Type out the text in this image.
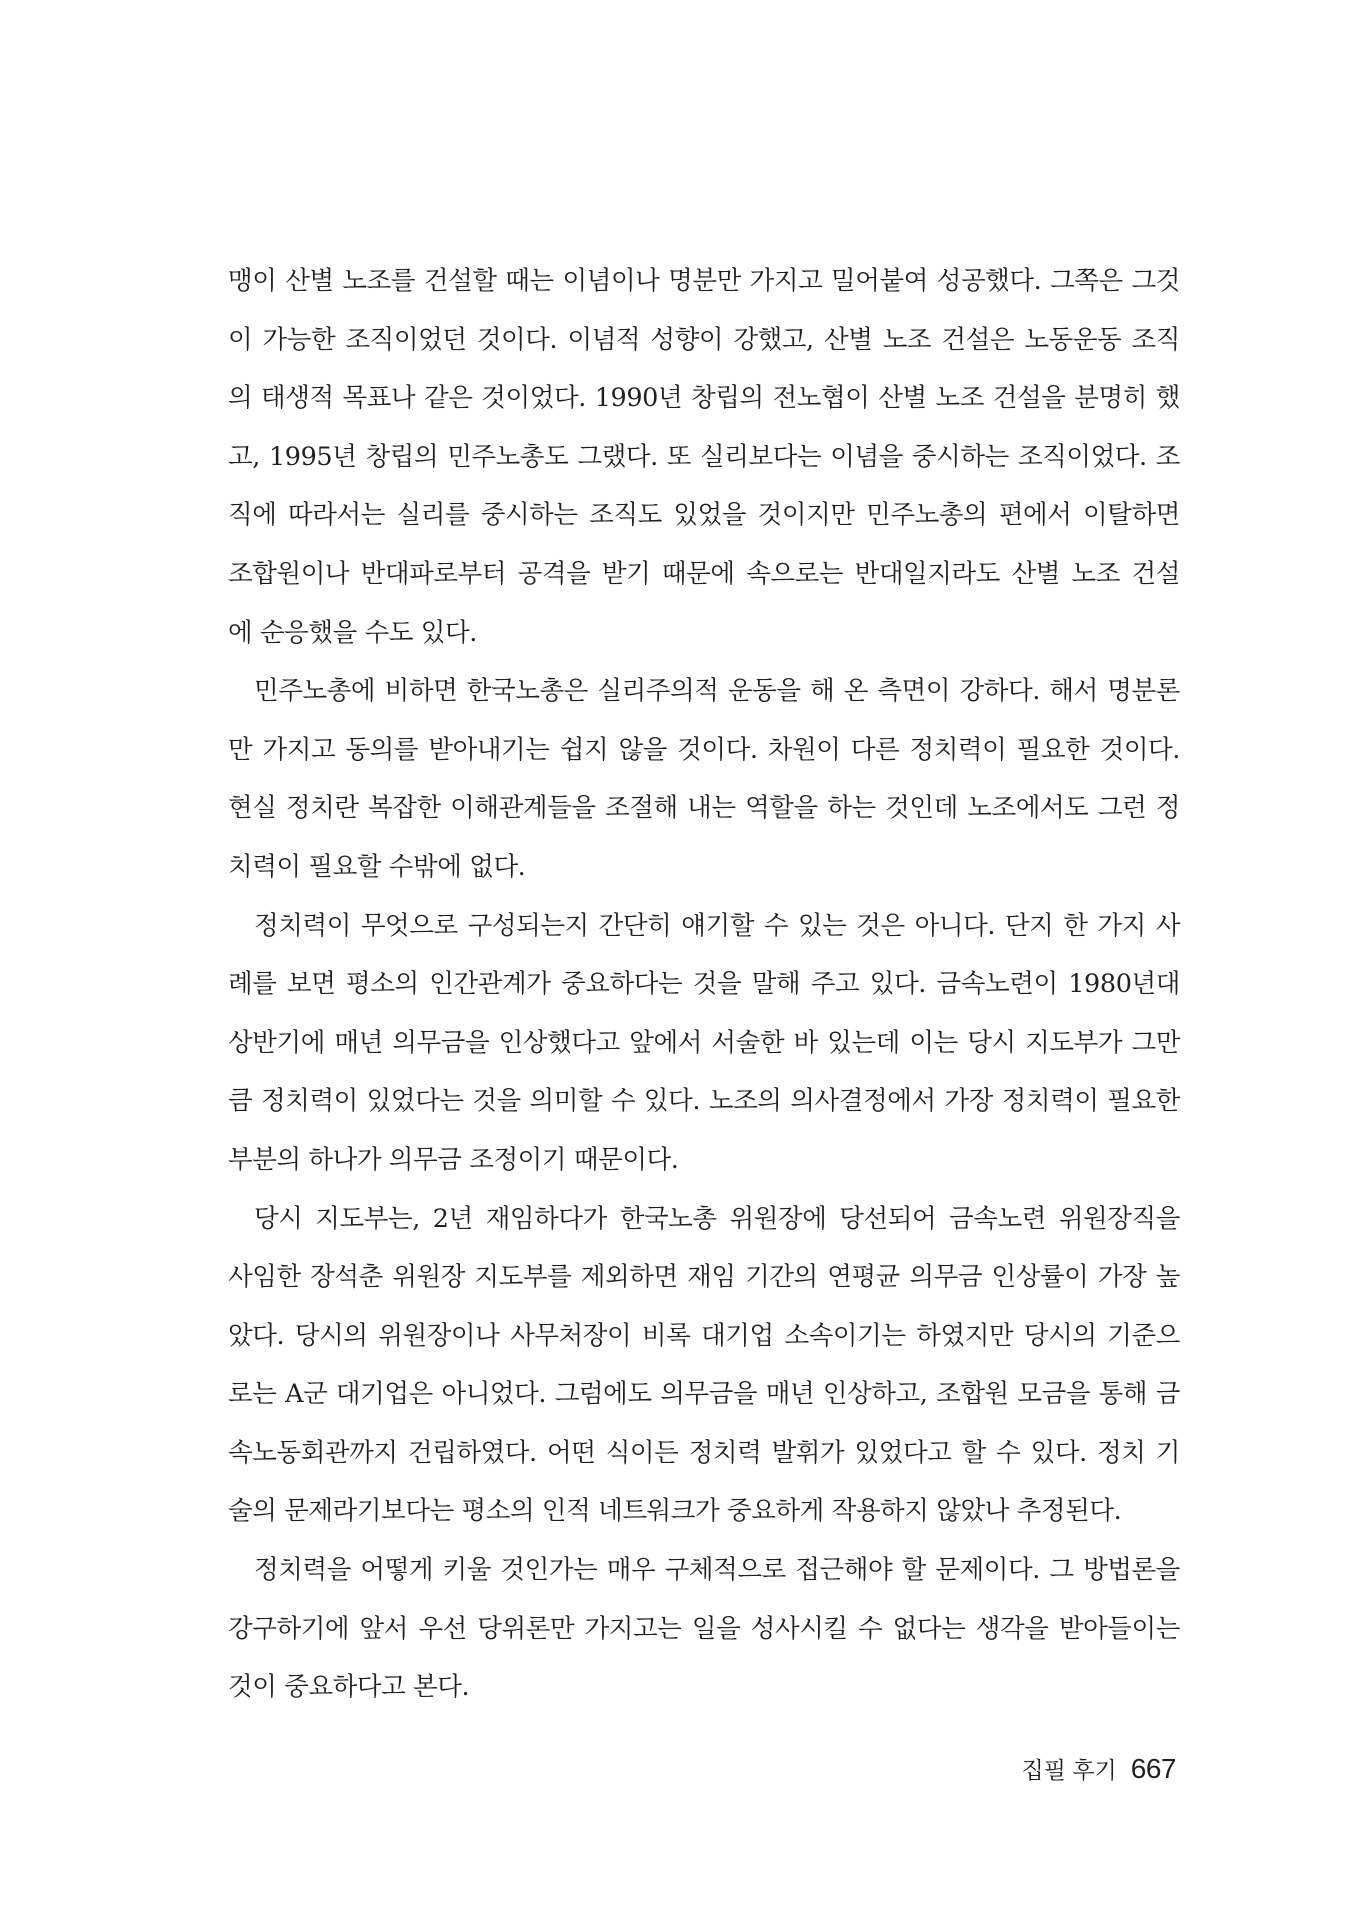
맹이 산별 노조를 건설할 때는 이념이나 명분만 가지고 밀어붙여 성공했다. 그쪽은 그것
이 가능한 조직이었던 것이다. 이념적 성향이 강했고, 산별 노조 건설은 노동운동 조직
의 태생적 목표나 같은 것이었다. 1990년 창립의 전노협이 산별 노조 건설을 분명히 했
고, 1995년 창립의 민주노총도 그랬다. 또 실리보다는 이념을 중시하는 조직이었다. 조
직에 따라서는 실리를 중시하는 조직도 있었을 것이지만 민주노총의 편에서 이탈하면
조합원이나 반대파로부터 공격을 받기 때문에 속으로는 반대일지라도 산별 노조 건설
에 순응했을 수도 있다.
민주노총에 비하면 한국노총은 실리주의적 운동을 해 온 측면이 강하다. 해서 명분론
만 가지고 동의를 받아내기는 쉽지 않을 것이다. 차원이 다른 정치력이 필요한 것이다.
현실 정치란 복잡한 이해관계들을 조절해 내는 역할을 하는 것인데 노조에서도 그런 정
치력이 필요할 수밖에 없다.
정치력이 무엇으로 구성되는지 간단히 얘기할 수 있는 것은 아니다. 단지 한 가지 사
례를 보면 평소의 인간관계가 중요하다는 것을 말해 주고 있다. 금속노련이 1980년대
상반기에 매년 의무금을 인상했다고 앞에서 서술한 바 있는데 이는 당시 지도부가 그만
큼 정치력이 있었다는 것을 의미할 수 있다. 노조의 의사결정에서 가장 정치력이 필요한
부분의 하나가 의무금 조정이기 때문이다.
당시 지도부는, 2년 재임하다가 한국노총 위원장에 당선되어 금속노련 위원장직을
사임한 장석춘 위원장 지도부를 제외하면 재임 기간의 연평균 의무금 인상률이 가장 높
았다. 당시의 위원장이나 사무처장이 비록 대기업 소속이기는 하였지만 당시의 기준으
로는 A군 대기업은 아니었다. 그럼에도 의무금을 매년 인상하고, 조합원 모금을 통해 금
속노동회관까지 건립하였다. 어떤 식이든 정치력 발휘가 있었다고 할 수 있다. 정치 기
술의 문제라기보다는 평소의 인적 네트워크가 중요하게 작용하지 않았나 추정된다.
정치력을 어떻게 키울 것인가는 매우 구체적으로 접근해야 할 문제이다. 그 방법론을
강구하기에 앞서 우선 당위론만 가지고는 일을 성사시킬 수 없다는 생각을 받아들이는
것이 중요하다고 본다.
집필 후기 667
